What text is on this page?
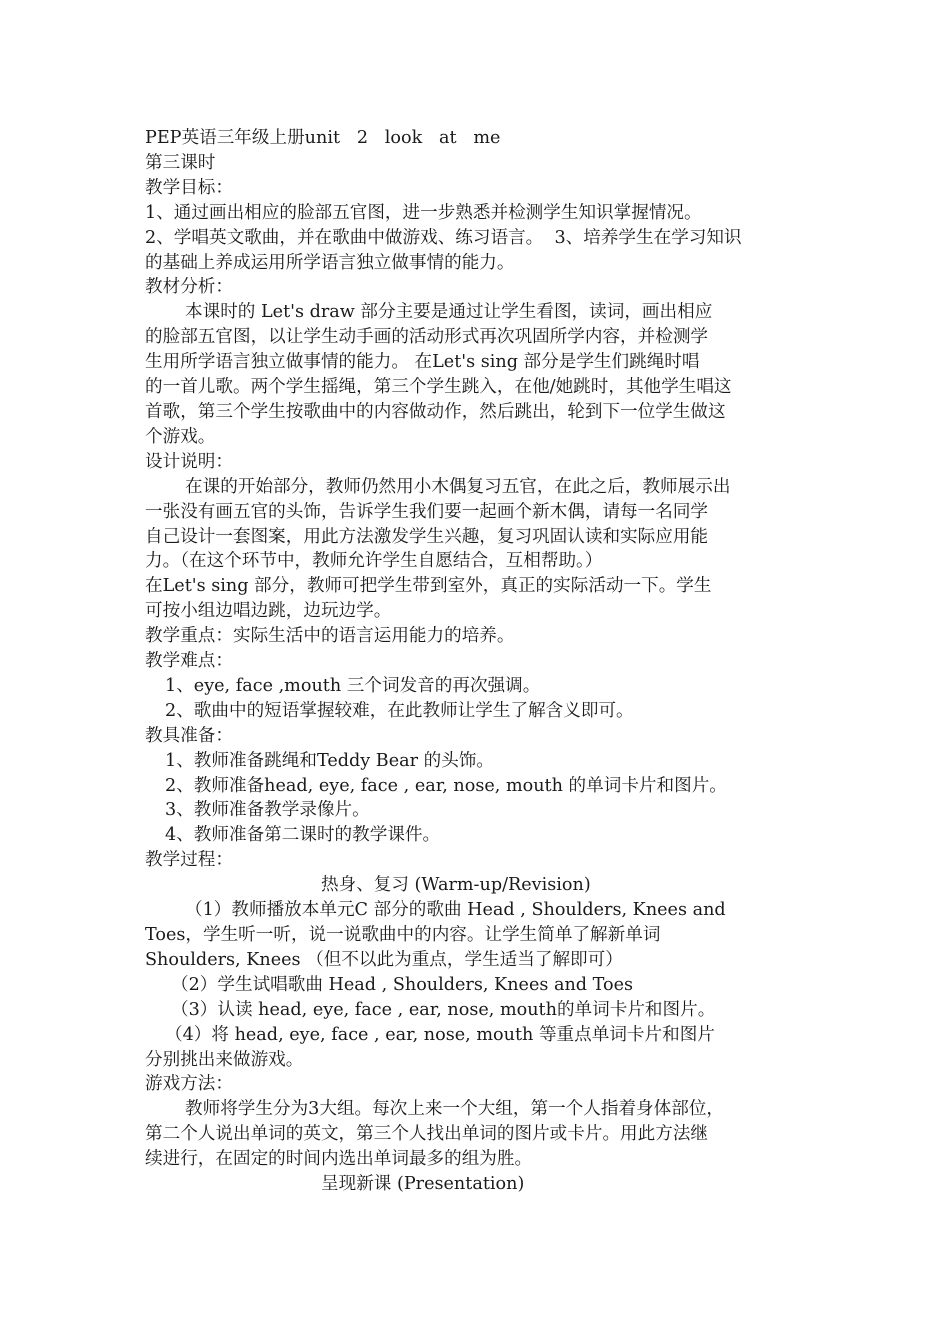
PEP英语三年级上册unit   2   look   at   me
第三课时
教学目标：
1、通过画出相应的脸部五官图，进一步熟悉并检测学生知识掌握情况。
2、学唱英文歌曲，并在歌曲中做游戏、练习语言。  3、培养学生在学习知识
的基础上养成运用所学语言独立做事情的能力。
教材分析：
本课时的 Let's draw 部分主要是通过让学生看图，读词，画出相应
的脸部五官图，以让学生动手画的活动形式再次巩固所学内容，并检测学
生用所学语言独立做事情的能力。 在Let's sing 部分是学生们跳绳时唱
的一首儿歌。两个学生摇绳，第三个学生跳入，在他/她跳时，其他学生唱这
首歌，第三个学生按歌曲中的内容做动作，然后跳出，轮到下一位学生做这
个游戏。
设计说明：
在课的开始部分，教师仍然用小木偶复习五官，在此之后，教师展示出
一张没有画五官的头饰，告诉学生我们要一起画个新木偶，请每一名同学
自己设计一套图案，用此方法激发学生兴趣，复习巩固认读和实际应用能
力。（在这个环节中，教师允许学生自愿结合，互相帮助。）
在Let's sing 部分，教师可把学生带到室外，真正的实际活动一下。学生
可按小组边唱边跳，边玩边学。
教学重点：实际生活中的语言运用能力的培养。
教学难点：
1、eye, face ,mouth 三个词发音的再次强调。
2、歌曲中的短语掌握较难，在此教师让学生了解含义即可。
教具准备：
1、教师准备跳绳和Teddy Bear 的头饰。
2、教师准备head, eye, face , ear, nose, mouth 的单词卡片和图片。
3、教师准备教学录像片。
4、教师准备第二课时的教学课件。
教学过程：
热身、复习 (Warm-up/Revision)
（1）教师播放本单元C 部分的歌曲 Head , Shoulders, Knees and
Toes，学生听一听，说一说歌曲中的内容。让学生简单了解新单词
Shoulders, Knees （但不以此为重点，学生适当了解即可）
（2）学生试唱歌曲 Head , Shoulders, Knees and Toes
（3）认读 head, eye, face , ear, nose, mouth的单词卡片和图片。
（4）将 head, eye, face , ear, nose, mouth 等重点单词卡片和图片
分别挑出来做游戏。
游戏方法：
教师将学生分为3大组。每次上来一个大组，第一个人指着身体部位，
第二个人说出单词的英文，第三个人找出单词的图片或卡片。用此方法继
续进行，在固定的时间内选出单词最多的组为胜。
呈现新课 (Presentation)
